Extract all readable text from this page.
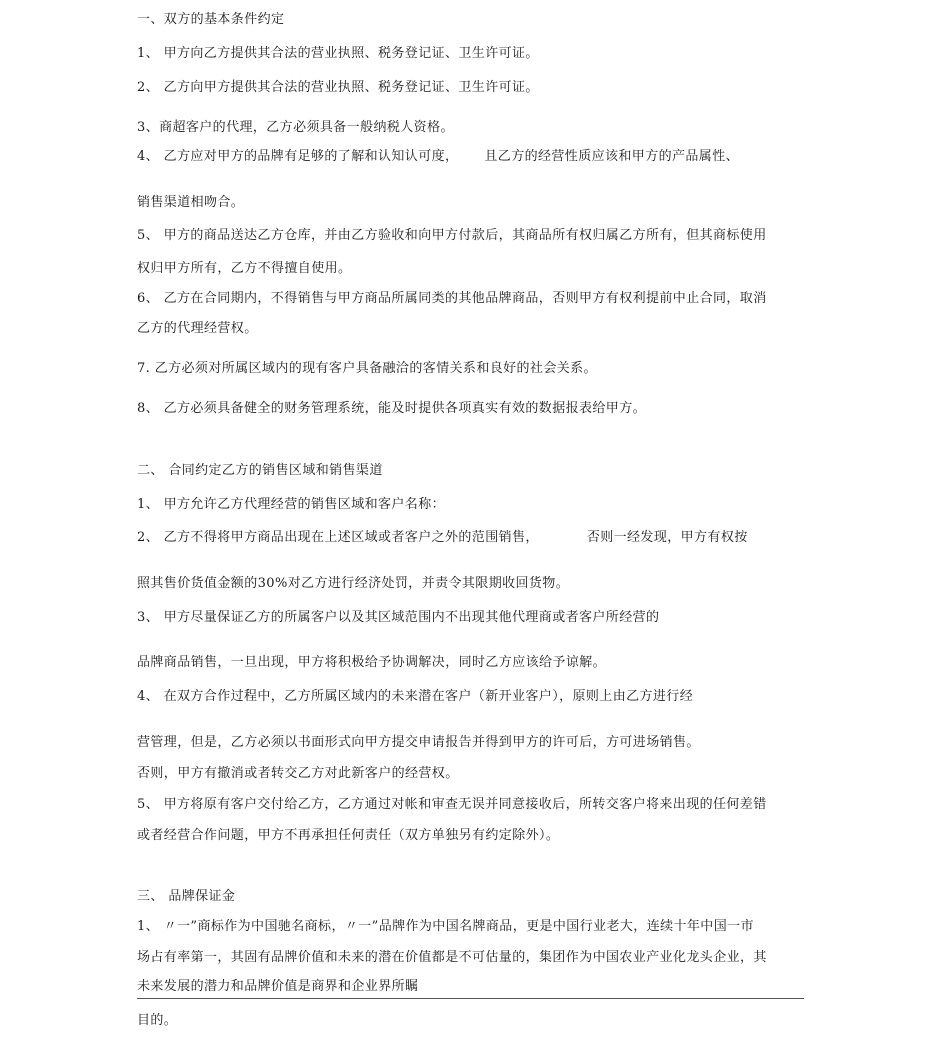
一、双方的基本条件约定
1、 甲方向乙方提供其合法的营业执照、税务登记证、卫生许可证。
2、 乙方向甲方提供其合法的营业执照、税务登记证、卫生许可证。
3、商超客户的代理，乙方必须具备一般纳税人资格。
4、 乙方应对甲方的品牌有足够的了解和认知认可度， 且乙方的经营性质应该和甲方的产品属性、
销售渠道相吻合。
5、 甲方的商品送达乙方仓库，并由乙方验收和向甲方付款后，其商品所有权归属乙方所有，但其商标使用
权归甲方所有，乙方不得擅自使用。
6、 乙方在合同期内，不得销售与甲方商品所属同类的其他品牌商品，否则甲方有权利提前中止合同，取消
乙方的代理经营权。
7. 乙方必须对所属区域内的现有客户具备融洽的客情关系和良好的社会关系。
8、 乙方必须具备健全的财务管理系统，能及时提供各项真实有效的数据报表给甲方。
二、 合同约定乙方的销售区域和销售渠道
1、 甲方允许乙方代理经营的销售区域和客户名称：
2、 乙方不得将甲方商品出现在上述区域或者客户之外的范围销售，	否则一经发现，甲方有权按
照其售价货值金额的30%对乙方进行经济处罚，并责令其限期收回货物。
3、 甲方尽量保证乙方的所属客户以及其区域范围内不出现其他代理商或者客户所经营的
品牌商品销售，一旦出现，甲方将积极给予协调解决，同时乙方应该给予谅解。
4、 在双方合作过程中，乙方所属区域内的未来潜在客户（新开业客户），原则上由乙方进行经
营管理，但是，乙方必须以书面形式向甲方提交申请报告并得到甲方的许可后，方可进场销售。
否则，甲方有撤消或者转交乙方对此新客户的经营权。
5、 甲方将原有客户交付给乙方，乙方通过对帐和审查无误并同意接收后，所转交客户将来出现的任何差错
或者经营合作问题，甲方不再承担任何责任（双方单独另有约定除外）。
三、 品牌保证金
1、 〃一”商标作为中国驰名商标，〃一”品牌作为中国名牌商品，更是中国行业老大，连续十年中国一市
场占有率第一，其固有品牌价值和未来的潜在价值都是不可估量的，集团作为中国农业产业化龙头企业，其
未来发展的潜力和品牌价值是商界和企业界所瞩
目的。
